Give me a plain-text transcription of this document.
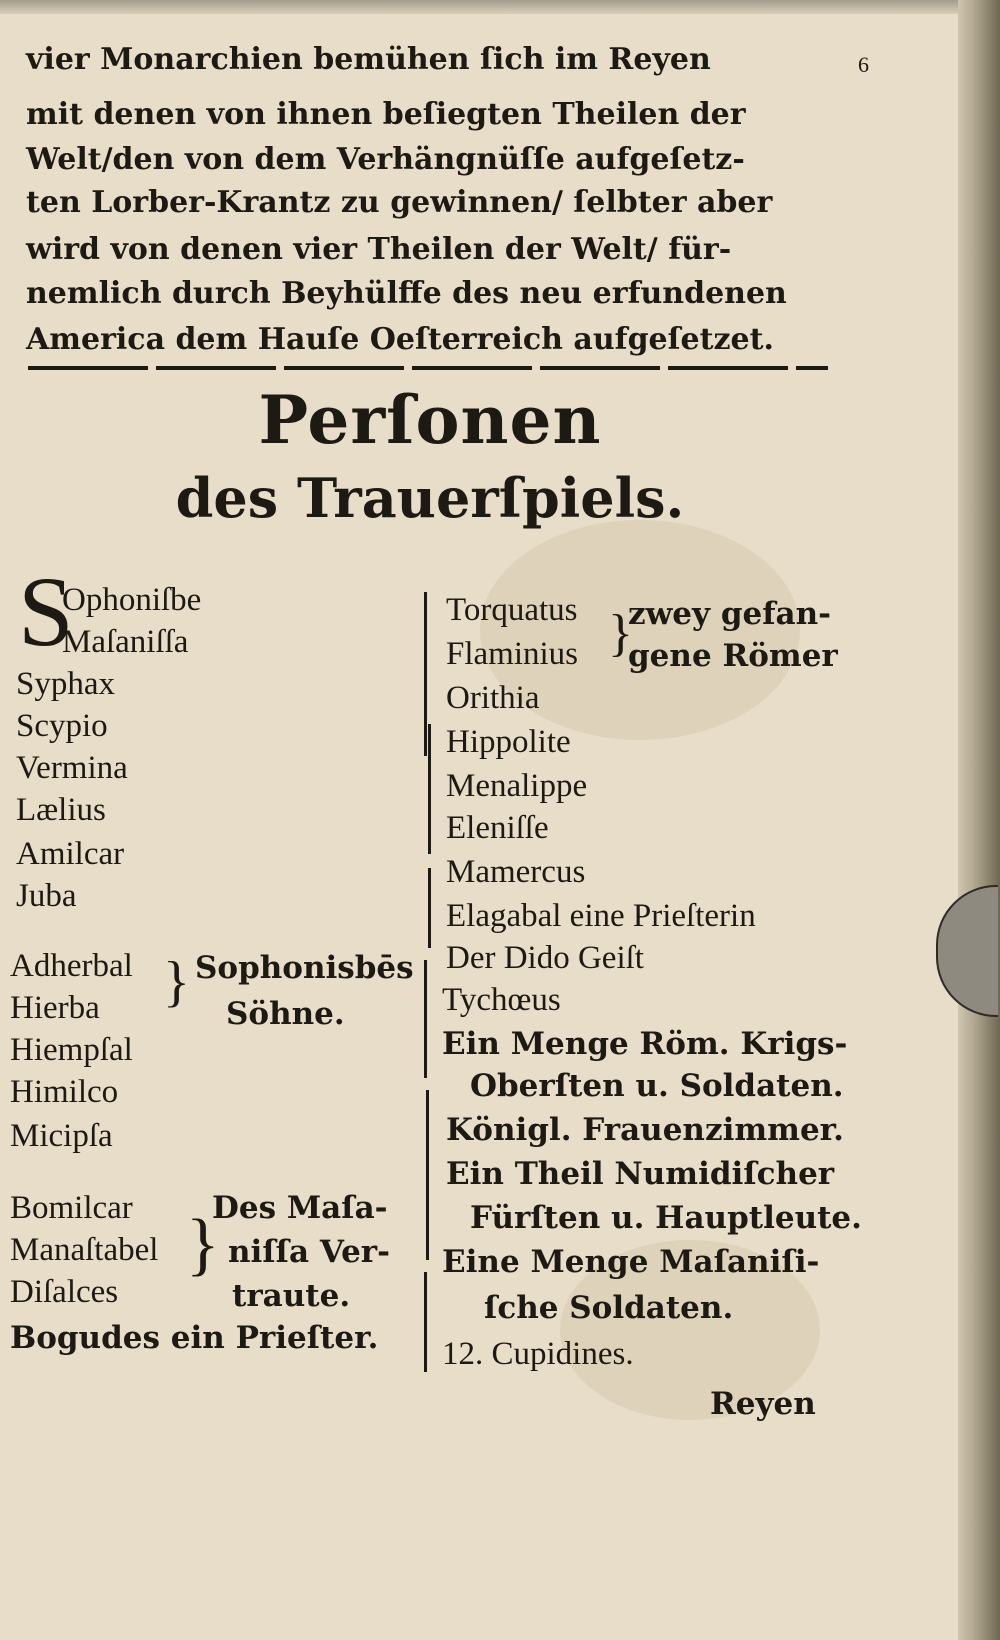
6
vier Monarchien bemühen ſich im Reyen
mit denen von ihnen beſiegten Theilen der
Welt/den von dem Verhängnüſſe aufgeſetz-
ten Lorber-Krantz zu gewinnen/ ſelbter aber
wird von denen vier Theilen der Welt/ für-
nemlich durch Beyhülffe des neu erfundenen
America dem Hauſe Oeſterreich aufgeſetzet.
Perſonen
des Trauerſpiels.
S
Ophoniſbe
Maſaniſſa
Syphax
Scypio
Vermina
Lælius
Amilcar
Juba
Adherbal
Hierba
Hiempſal
Himilco
Micipſa
} Sophonisbēs
Söhne.
Bomilcar
Manaſtabel
Diſalces
}
Des Maſa-
niſſa Ver-
traute.
Bogudes ein Prieſter.
Torquatus
Flaminius }
zwey gefan-
gene Römer
Orithia
Hippolite
Menalippe
Eleniſſe
Mamercus
Elagabal eine Prieſterin
Der Dido Geiſt
Tychœus
Ein Menge Röm. Krigs-
Oberſten u. Soldaten.
Königl. Frauenzimmer.
Ein Theil Numidiſcher
Fürſten u. Hauptleute.
Eine Menge Maſaniſi-
ſche Soldaten.
12. Cupidines.
Reyen
